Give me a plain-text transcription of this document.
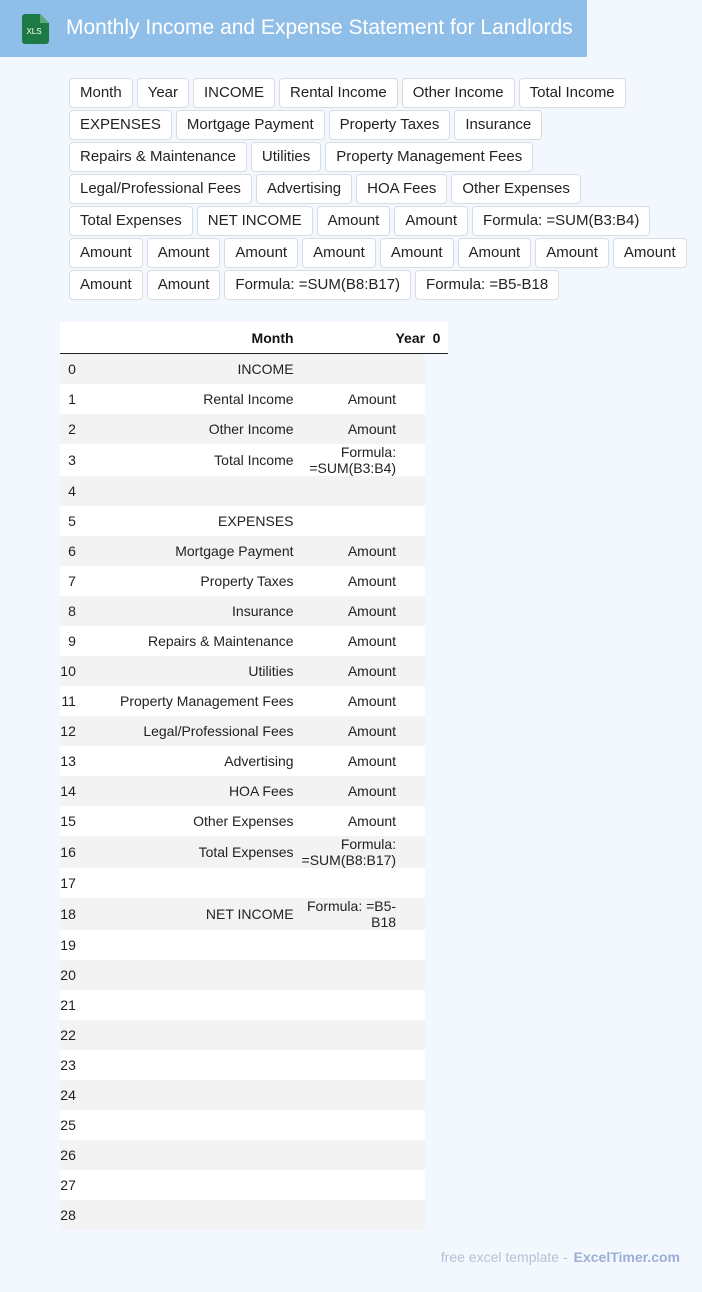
XLS Monthly Income and Expense Statement for Landlords
Month	Year	INCOME	Rental Income	Other Income	Total Income
EXPENSES	Mortgage Payment	Property Taxes	Insurance
Repairs & Maintenance	Utilities	Property Management Fees
Legal/Professional Fees	Advertising	HOA Fees	Other Expenses
Total Expenses	NET INCOME	Amount	Amount	Formula: =SUM(B3:B4)
Amount	Amount	Amount	Amount	Amount	Amount	Amount	Amount
Amount	Amount	Formula: =SUM(B8:B17)	Formula: =B5-B18
	Month	Year	0
0	INCOME		
1	Rental Income	Amount	
2	Other Income	Amount	
3	Total Income	Formula: =SUM(B3:B4)	
4			
5	EXPENSES		
6	Mortgage Payment	Amount	
7	Property Taxes	Amount	
8	Insurance	Amount	
9	Repairs & Maintenance	Amount	
10	Utilities	Amount	
11	Property Management Fees	Amount	
12	Legal/Professional Fees	Amount	
13	Advertising	Amount	
14	HOA Fees	Amount	
15	Other Expenses	Amount	
16	Total Expenses	Formula: =SUM(B8:B17)	
17			
18	NET INCOME	Formula: =B5-B18	
19			
20			
21			
22			
23			
24			
25			
26			
27			
28			
free excel template - ExcelTimer.com
